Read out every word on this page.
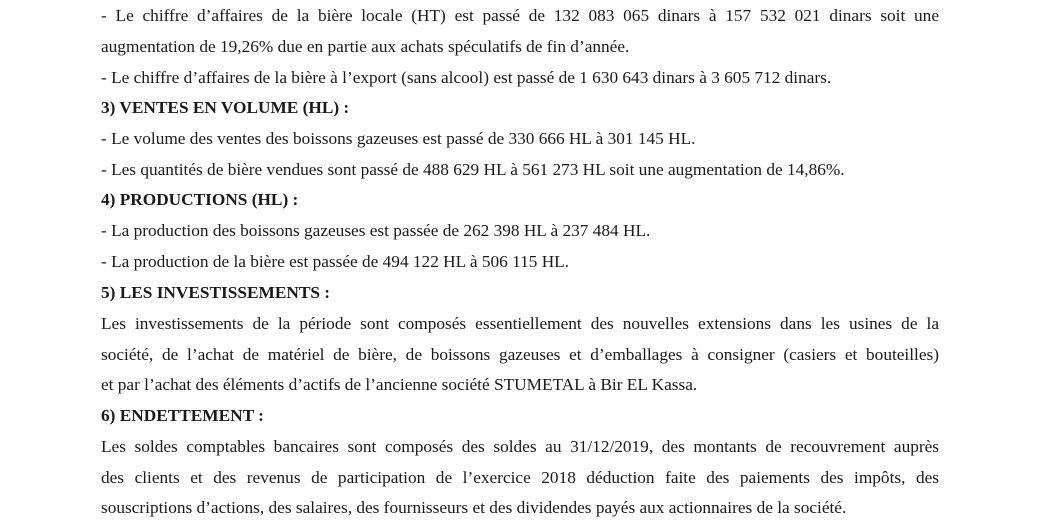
- Le chiffre d’affaires de la bière locale (HT) est passé de 132 083 065 dinars à 157 532 021 dinars soit une
augmentation de 19,26% due en partie aux achats spéculatifs de fin d’année.
- Le chiffre d’affaires de la bière à l’export (sans alcool) est passé de 1 630 643 dinars à 3 605 712 dinars.
3) VENTES EN VOLUME (HL) :
- Le volume des ventes des boissons gazeuses est passé de 330 666 HL à 301 145 HL.
- Les quantités de bière vendues sont passé de 488 629 HL à 561 273 HL soit une augmentation de 14,86%.
4) PRODUCTIONS (HL) :
- La production des boissons gazeuses est passée de 262 398 HL à 237 484 HL.
- La production de la bière est passée de 494 122 HL à 506 115 HL.
5) LES INVESTISSEMENTS :
Les investissements de la période sont composés essentiellement des nouvelles extensions dans les usines de la
société, de l’achat de matériel de bière, de boissons gazeuses et d’emballages à consigner (casiers et bouteilles)
et par l’achat des éléments d’actifs de l’ancienne société STUMETAL à Bir EL Kassa.
6) ENDETTEMENT :
Les soldes comptables bancaires sont composés des soldes au 31/12/2019, des montants de recouvrement auprès
des clients et des revenus de participation de l’exercice 2018 déduction faite des paiements des impôts, des
souscriptions d’actions, des salaires, des fournisseurs et des dividendes payés aux actionnaires de la société.
